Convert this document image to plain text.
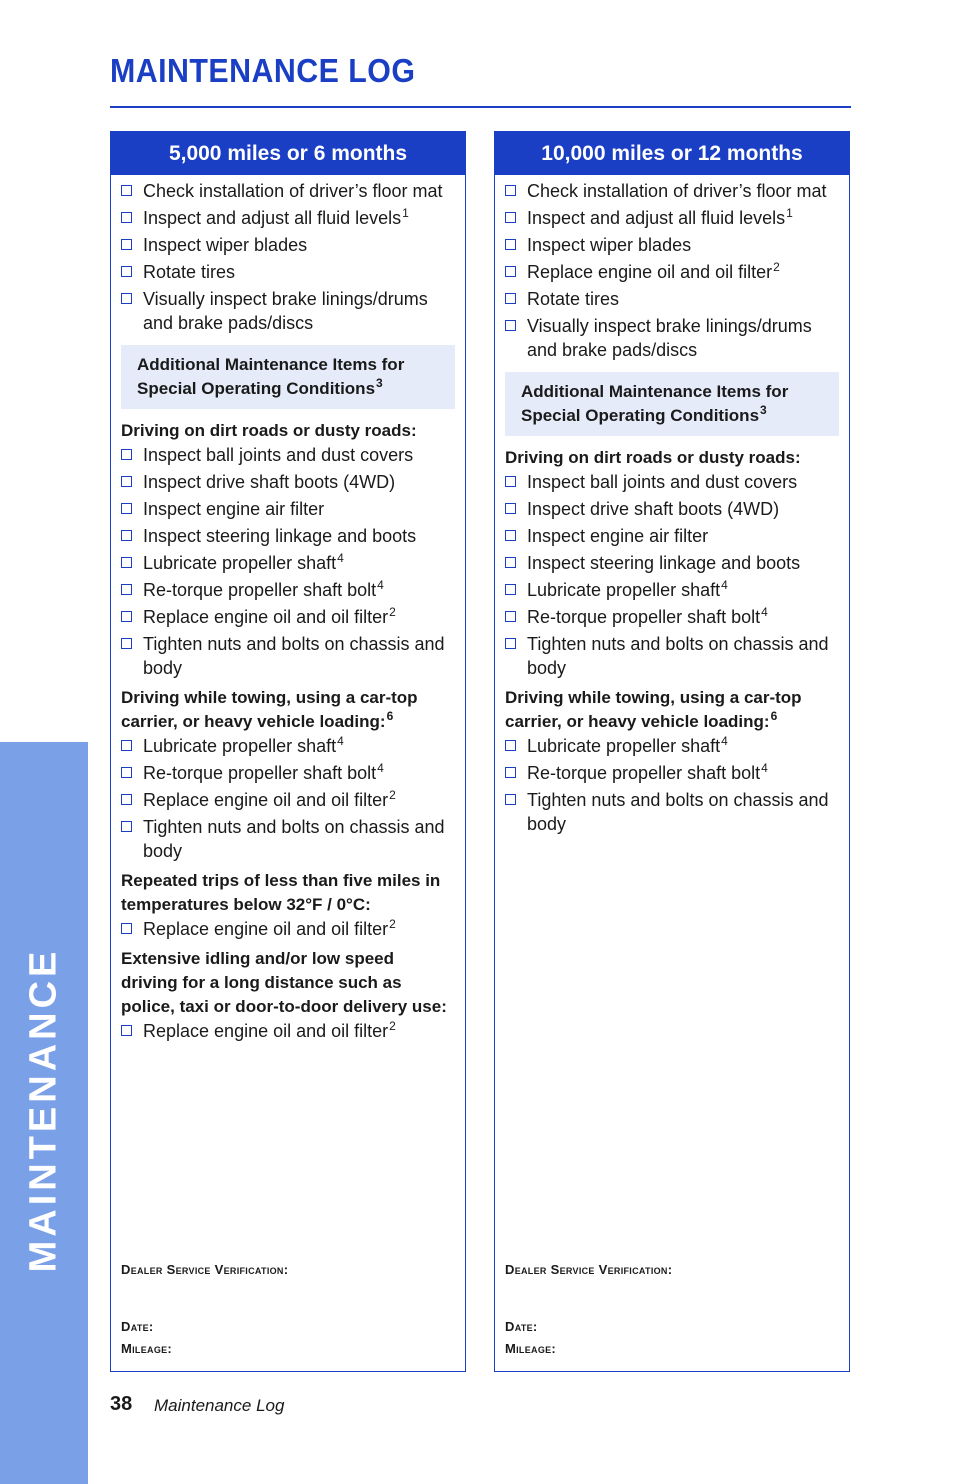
MAINTENANCE
MAINTENANCE LOG
5,000 miles or 6 months
Check installation of driver’s floor mat
Inspect and adjust all fluid levels$^1$
Inspect wiper blades
Rotate tires
Visually inspect brake linings/drums and brake pads/discs
Additional Maintenance Items for Special Operating Conditions$^3$
Driving on dirt roads or dusty roads:
Inspect ball joints and dust covers
Inspect drive shaft boots (4WD)
Inspect engine air filter
Inspect steering linkage and boots
Lubricate propeller shaft$^4$
Re-torque propeller shaft bolt$^4$
Replace engine oil and oil filter$^2$
Tighten nuts and bolts on chassis and body
Driving while towing, using a car-top carrier, or heavy vehicle loading:$^6$
Lubricate propeller shaft$^4$
Re-torque propeller shaft bolt$^4$
Replace engine oil and oil filter$^2$
Tighten nuts and bolts on chassis and body
Repeated trips of less than five miles in temperatures below 32°F / 0°C:
Replace engine oil and oil filter$^2$
Extensive idling and/or low speed driving for a long distance such as police, taxi or door-to-door delivery use:
Replace engine oil and oil filter$^2$
Dealer Service Verification:
Date:
Mileage:
10,000 miles or 12 months
Check installation of driver’s floor mat
Inspect and adjust all fluid levels$^1$
Inspect wiper blades
Replace engine oil and oil filter$^2$
Rotate tires
Visually inspect brake linings/drums and brake pads/discs
Additional Maintenance Items for Special Operating Conditions$^3$
Driving on dirt roads or dusty roads:
Inspect ball joints and dust covers
Inspect drive shaft boots (4WD)
Inspect engine air filter
Inspect steering linkage and boots
Lubricate propeller shaft$^4$
Re-torque propeller shaft bolt$^4$
Tighten nuts and bolts on chassis and body
Driving while towing, using a car-top carrier, or heavy vehicle loading:$^6$
Lubricate propeller shaft$^4$
Re-torque propeller shaft bolt$^4$
Tighten nuts and bolts on chassis and body
Dealer Service Verification:
Date:
Mileage:
38 Maintenance Log
